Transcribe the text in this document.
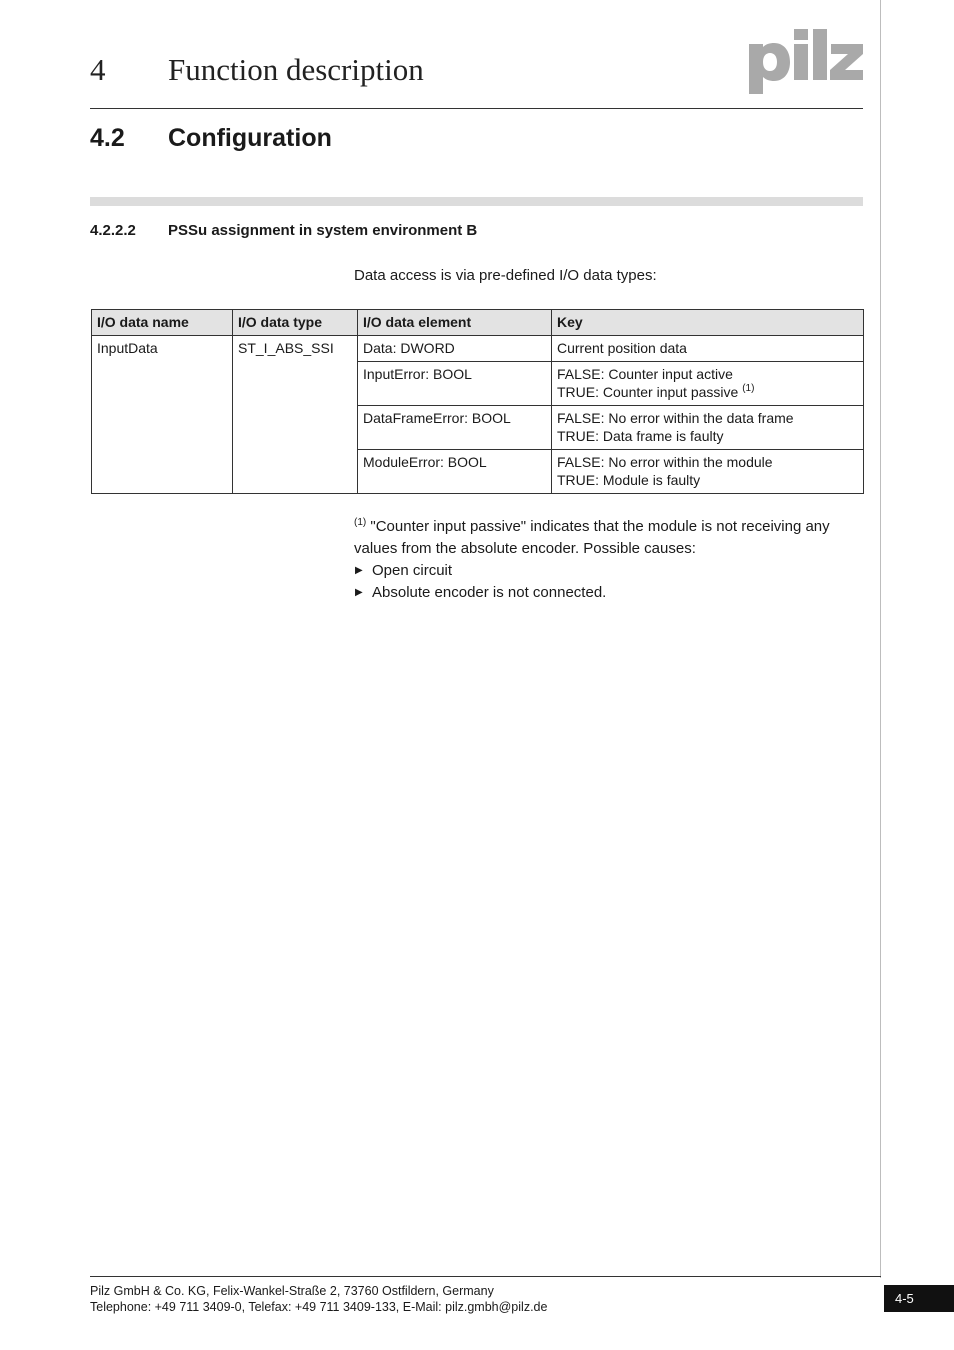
4 Function description
4.2 Configuration
4.2.2.2 PSSu assignment in system environment B
Data access is via pre-defined I/O data types:
I/O data name	I/O data type	I/O data element	Key
InputData	ST_I_ABS_SSI	Data: DWORD	Current position data

		InputError: BOOL	FALSE: Counter input active
TRUE: Counter input passive $^{(1)}$

		DataFrameError: BOOL	FALSE: No error within the data frame
TRUE: Data frame is faulty

		ModuleError: BOOL	FALSE: No error within the module
TRUE: Module is faulty
$^{(1)}$ "Counter input passive" indicates that the module is not receiving any values from the absolute encoder. Possible causes:
▶ Open circuit
▶ Absolute encoder is not connected.
Pilz GmbH & Co. KG, Felix-Wankel-Straße 2, 73760 Ostfildern, Germany
Telephone: +49 711 3409-0, Telefax: +49 711 3409-133, E-Mail: pilz.gmbh@pilz.de
4-5
